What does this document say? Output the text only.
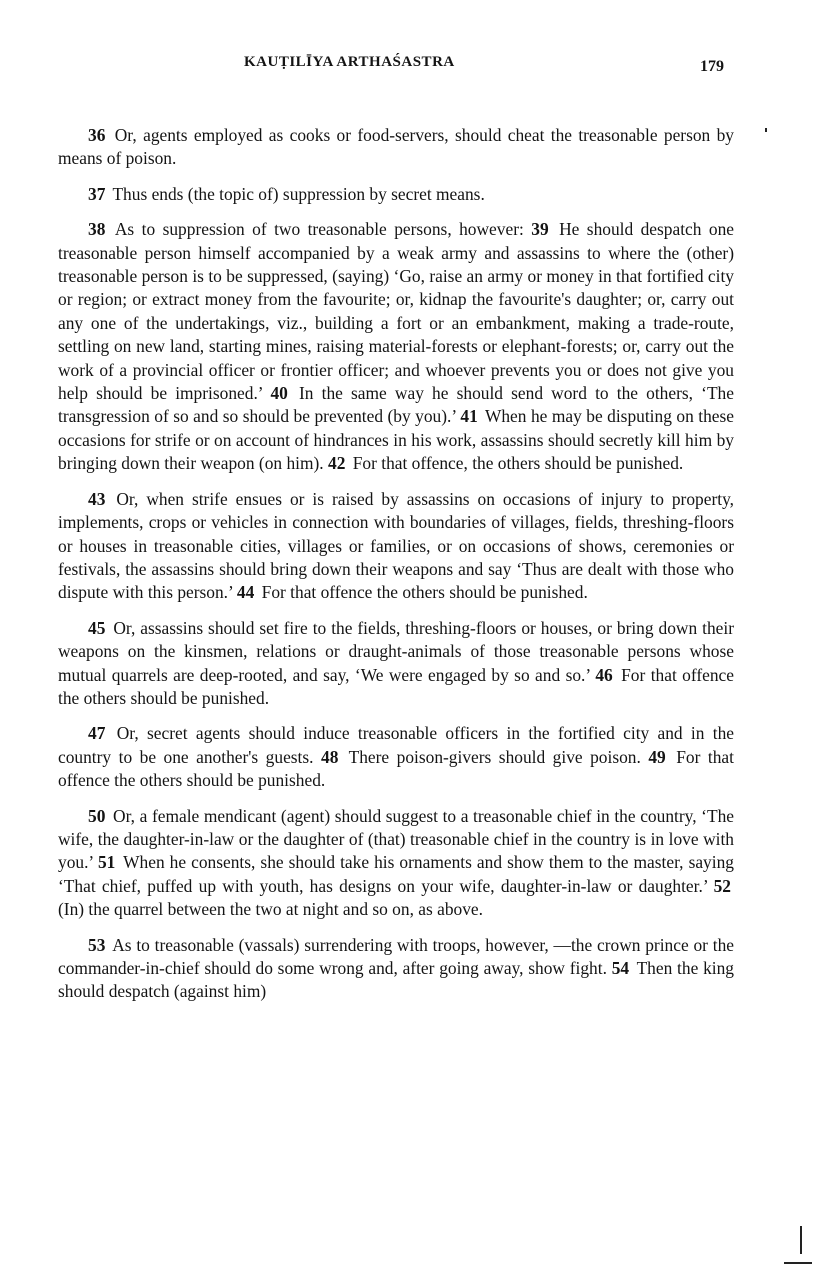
KAUṬILĪYA ARTHAŚASTRA	179

36 Or, agents employed as cooks or food-servers, should cheat the treasonable person by means of poison.

37 Thus ends (the topic of) suppression by secret means.

38 As to suppression of two treasonable persons, however: 39 He should despatch one treasonable person himself accompanied by a weak army and assassins to where the (other) treasonable person is to be suppressed, (saying) ‘Go, raise an army or money in that fortified city or region; or extract money from the favourite; or, kidnap the favourite's daughter; or, carry out any one of the undertakings, viz., building a fort or an embankment, making a trade-route, settling on new land, starting mines, raising material-forests or elephant-forests; or, carry out the work of a provincial officer or frontier officer; and whoever prevents you or does not give you help should be imprisoned.’ 40 In the same way he should send word to the others, ‘The transgression of so and so should be prevented (by you).’ 41 When he may be disputing on these occasions for strife or on account of hindrances in his work, assassins should secretly kill him by bringing down their weapon (on him). 42 For that offence, the others should be punished.

43 Or, when strife ensues or is raised by assassins on occasions of injury to property, implements, crops or vehicles in connection with boundaries of villages, fields, threshing-floors or houses in treasonable cities, villages or families, or on occasions of shows, ceremonies or festivals, the assassins should bring down their weapons and say ‘Thus are dealt with those who dispute with this person.’ 44 For that offence the others should be punished.

45 Or, assassins should set fire to the fields, threshing-floors or houses, or bring down their weapons on the kinsmen, relations or draught-animals of those treasonable persons whose mutual quarrels are deep-rooted, and say, ‘We were engaged by so and so.’ 46 For that offence the others should be punished.

47 Or, secret agents should induce treasonable officers in the fortified city and in the country to be one another's guests. 48 There poison-givers should give poison. 49 For that offence the others should be punished.

50 Or, a female mendicant (agent) should suggest to a treasonable chief in the country, ‘The wife, the daughter-in-law or the daughter of (that) treasonable chief in the country is in love with you.’ 51 When he consents, she should take his ornaments and show them to the master, saying ‘That chief, puffed up with youth, has designs on your wife, daughter-in-law or daughter.’ 52 (In) the quarrel between the two at night and so on, as above.

53 As to treasonable (vassals) surrendering with troops, however, —the crown prince or the commander-in-chief should do some wrong and, after going away, show fight. 54 Then the king should despatch (against him)
